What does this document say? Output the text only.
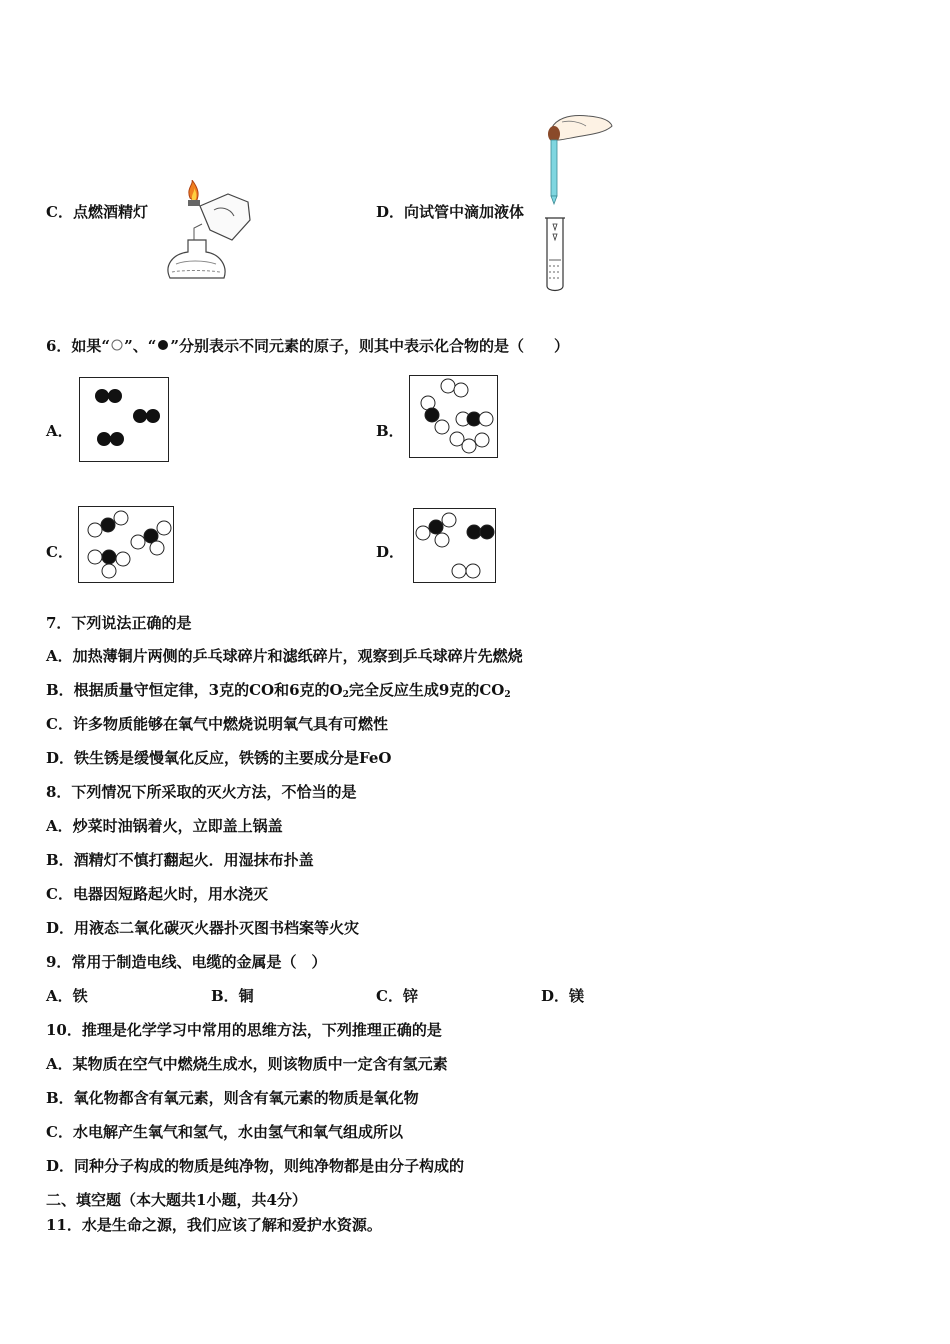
C．点燃酒精灯	D．向试管中滴加液体
6．如果“ ”、“ ”分别表示不同元素的原子，则其中表示化合物的是（　　）
A．	B．
C．	D．
7．下列说法正确的是
A．加热薄铜片两侧的乒乓球碎片和滤纸碎片，观察到乒乓球碎片先燃烧
B．根据质量守恒定律，3克的CO和6克的$O_2$完全反应生成9克的$CO_2$
C．许多物质能够在氧气中燃烧说明氧气具有可燃性
D．铁生锈是缓慢氧化反应，铁锈的主要成分是FeO
8．下列情况下所采取的灭火方法，不恰当的是
A．炒菜时油锅着火，立即盖上锅盖
B．酒精灯不慎打翻起火．用湿抹布扑盖
C．电器因短路起火时，用水浇灭
D．用液态二氧化碳灭火器扑灭图书档案等火灾
9．常用于制造电线、电缆的金属是（　）
A．铁	B．铜	C．锌	D．镁
10．推理是化学学习中常用的思维方法，下列推理正确的是
A．某物质在空气中燃烧生成水，则该物质中一定含有氢元素
B．氧化物都含有氧元素，则含有氧元素的物质是氧化物
C．水电解产生氧气和氢气，水由氢气和氧气组成所以
D．同种分子构成的物质是纯净物，则纯净物都是由分子构成的
二、填空题（本大题共1小题，共4分）
11．水是生命之源，我们应该了解和爱护水资源。
